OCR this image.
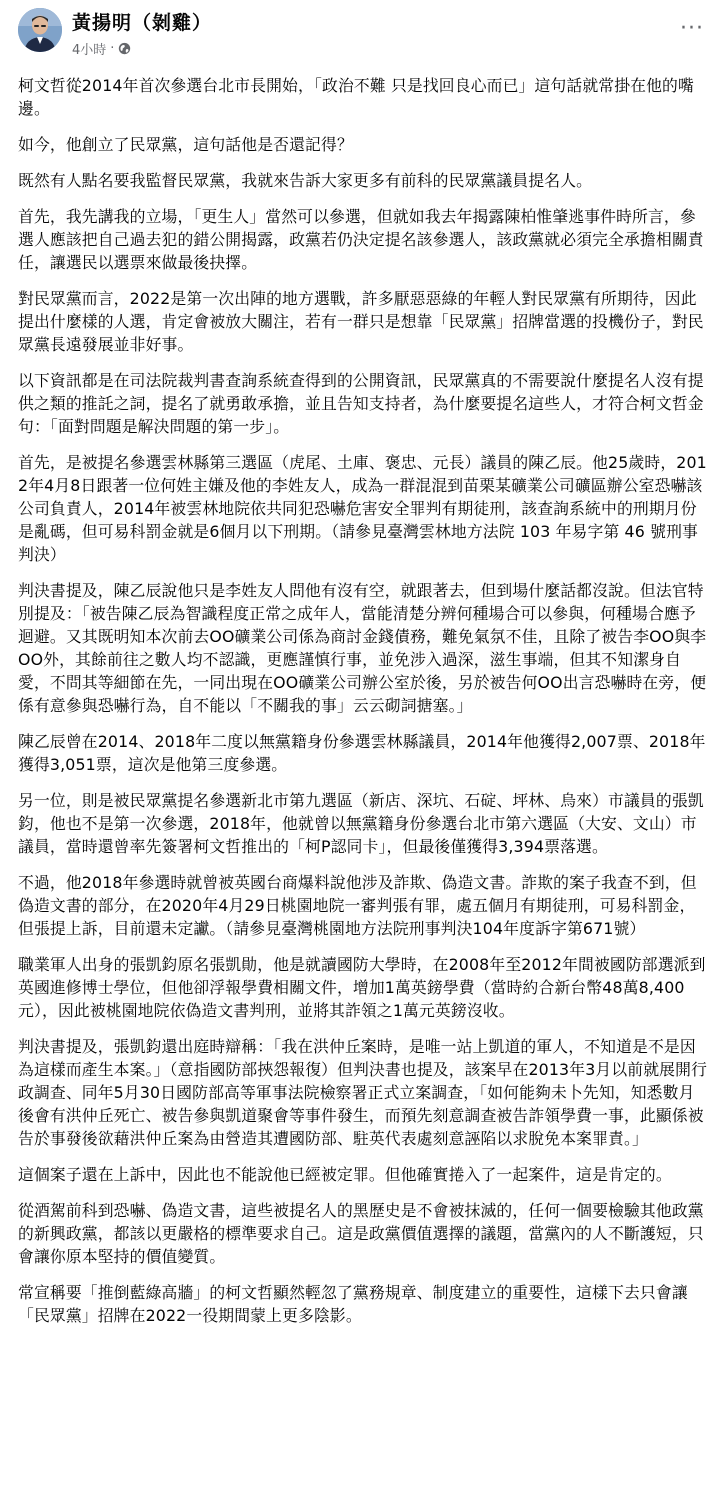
黃揚明（剝雞）
4小時 ·
···

柯文哲從2014年首次參選台北市長開始，「政治不難 只是找回良心而已」這句話就常掛在他的嘴邊。

如今，他創立了民眾黨，這句話他是否還記得？

既然有人點名要我監督民眾黨，我就來告訴大家更多有前科的民眾黨議員提名人。

首先，我先講我的立場，「更生人」當然可以參選，但就如我去年揭露陳柏惟肇逃事件時所言，參選人應該把自己過去犯的錯公開揭露，政黨若仍決定提名該參選人，該政黨就必須完全承擔相關責任，讓選民以選票來做最後抉擇。

對民眾黨而言，2022是第一次出陣的地方選戰，許多厭惡惡綠的年輕人對民眾黨有所期待，因此提出什麼樣的人選，肯定會被放大關注，若有一群只是想靠「民眾黨」招牌當選的投機份子，對民眾黨長遠發展並非好事。

以下資訊都是在司法院裁判書查詢系統查得到的公開資訊，民眾黨真的不需要說什麼提名人沒有提供之類的推託之詞，提名了就勇敢承擔，並且告知支持者，為什麼要提名這些人，才符合柯文哲金句：「面對問題是解決問題的第一步」。

首先，是被提名參選雲林縣第三選區（虎尾、土庫、褒忠、元長）議員的陳乙辰。他25歲時，2012年4月8日跟著一位何姓主嫌及他的李姓友人，成為一群混混到苗栗某礦業公司礦區辦公室恐嚇該公司負責人，2014年被雲林地院依共同犯恐嚇危害安全罪判有期徒刑，該查詢系統中的刑期月份是亂碼，但可易科罰金就是6個月以下刑期。（請參見臺灣雲林地方法院 103 年易字第 46 號刑事判決）

判決書提及，陳乙辰說他只是李姓友人問他有沒有空，就跟著去，但到場什麼話都沒說。但法官特別提及：「被告陳乙辰為智識程度正常之成年人，當能清楚分辨何種場合可以參與，何種場合應予迴避。又其既明知本次前去OO礦業公司係為商討金錢債務，難免氣氛不佳，且除了被告李OO與李OO外，其餘前往之數人均不認識，更應謹慎行事，並免涉入過深，滋生事端，但其不知潔身自愛，不問其等細節在先，一同出現在OO礦業公司辦公室於後，另於被告何OO出言恐嚇時在旁，便係有意參與恐嚇行為，自不能以「不關我的事」云云砌詞搪塞。」

陳乙辰曾在2014、2018年二度以無黨籍身份參選雲林縣議員，2014年他獲得2,007票、2018年獲得3,051票，這次是他第三度參選。

另一位，則是被民眾黨提名參選新北市第九選區（新店、深坑、石碇、坪林、烏來）市議員的張凱鈞，他也不是第一次參選，2018年，他就曾以無黨籍身份參選台北市第六選區（大安、文山）市議員，當時還曾率先簽署柯文哲推出的「柯P認同卡」，但最後僅獲得3,394票落選。

不過，他2018年參選時就曾被英國台商爆料說他涉及詐欺、偽造文書。詐欺的案子我查不到，但偽造文書的部分，在2020年4月29日桃園地院一審判張有罪，處五個月有期徒刑，可易科罰金，但張提上訴，目前還未定讞。（請參見臺灣桃園地方法院刑事判決104年度訴字第671號）

職業軍人出身的張凱鈞原名張凱勛，他是就讀國防大學時，在2008年至2012年間被國防部選派到英國進修博士學位，但他卻浮報學費相關文件，增加1萬英鎊學費（當時約合新台幣48萬8,400元），因此被桃園地院依偽造文書判刑，並將其詐領之1萬元英鎊沒收。

判決書提及，張凱鈞還出庭時辯稱：「我在洪仲丘案時，是唯一站上凱道的軍人，不知道是不是因為這樣而產生本案。」（意指國防部挾怨報復）但判決書也提及，該案早在2013年3月以前就展開行政調查、同年5月30日國防部高等軍事法院檢察署正式立案調查，「如何能夠未卜先知，知悉數月後會有洪仲丘死亡、被告參與凱道聚會等事件發生，而預先刻意調查被告詐領學費一事，此顯係被告於事發後欲藉洪仲丘案為由營造其遭國防部、駐英代表處刻意誣陷以求脫免本案罪責。」

這個案子還在上訴中，因此也不能說他已經被定罪。但他確實捲入了一起案件，這是肯定的。

從酒駕前科到恐嚇、偽造文書，這些被提名人的黑歷史是不會被抹滅的，任何一個要檢驗其他政黨的新興政黨，都該以更嚴格的標準要求自己。這是政黨價值選擇的議題，當黨內的人不斷護短，只會讓你原本堅持的價值變質。

常宣稱要「推倒藍綠高牆」的柯文哲顯然輕忽了黨務規章、制度建立的重要性，這樣下去只會讓「民眾黨」招牌在2022一役期間蒙上更多陰影。
